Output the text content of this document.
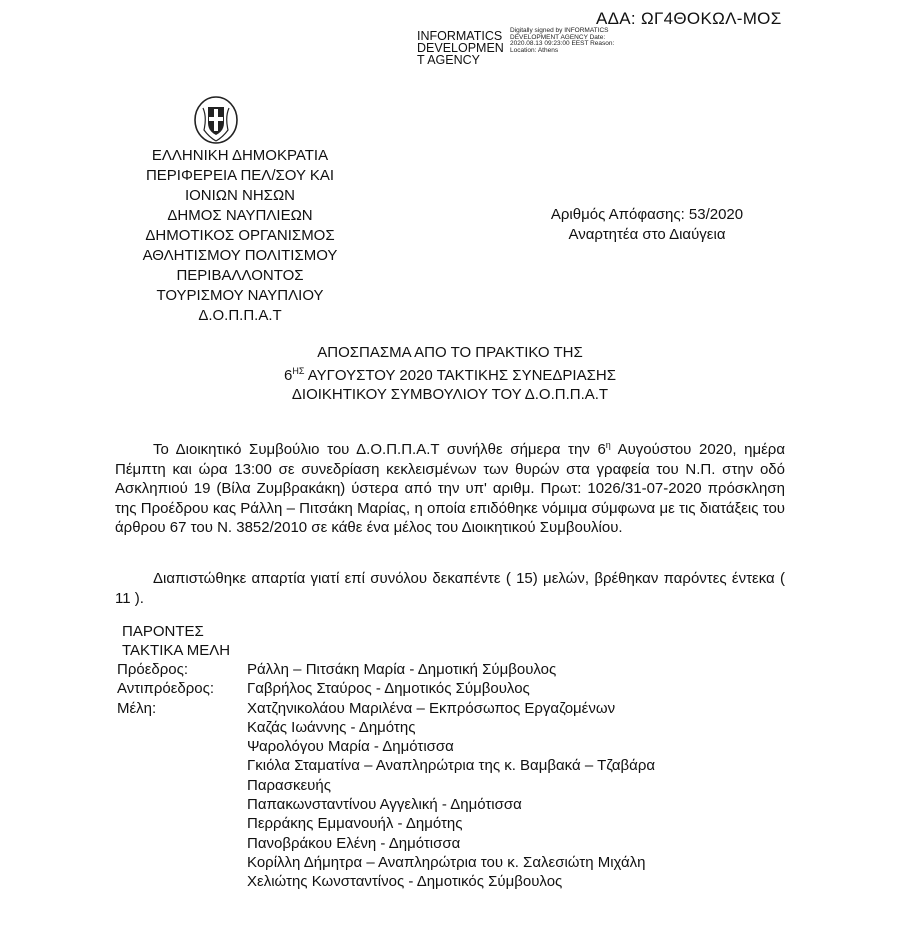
ΑΔΑ: ΩΓ4ΘΟΚΩΛ-ΜΟΣ
INFORMATICS DEVELOPMEN T AGENCY
Digitally signed by INFORMATICS DEVELOPMENT AGENCY Date: 2020.08.13 09:23:00 EEST Reason: Location: Athens
ΕΛΛΗΝΙΚΗ ΔΗΜΟΚΡΑΤΙΑ
ΠΕΡΙΦΕΡΕΙΑ ΠΕΛ/ΣΟΥ ΚΑΙ
ΙΟΝΙΩΝ ΝΗΣΩΝ
ΔΗΜΟΣ ΝΑΥΠΛΙΕΩΝ
ΔΗΜΟΤΙΚΟΣ ΟΡΓΑΝΙΣΜΟΣ
ΑΘΛΗΤΙΣΜΟΥ ΠΟΛΙΤΙΣΜΟΥ
ΠΕΡΙΒΑΛΛΟΝΤΟΣ
ΤΟΥΡΙΣΜΟΥ ΝΑΥΠΛΙΟΥ
Δ.Ο.Π.Π.Α.Τ
Αριθμός Απόφασης: 53/2020
Αναρτητέα στο Διαύγεια
ΑΠΟΣΠΑΣΜΑ ΑΠΟ ΤΟ ΠΡΑΚΤΙΚΟ ΤΗΣ
$6^{H\Sigma}$ ΑΥΓΟΥΣΤΟΥ 2020 ΤΑΚΤΙΚΗΣ ΣΥΝΕΔΡΙΑΣΗΣ
ΔΙΟΙΚΗΤΙΚΟΥ ΣΥΜΒΟΥΛΙΟΥ ΤΟΥ Δ.Ο.Π.Π.Α.Τ
Το Διοικητικό Συμβούλιο του Δ.Ο.Π.Π.Α.Τ συνήλθε σήμερα την $6^\eta$ Αυγούστου 2020, ημέρα Πέμπτη και ώρα 13:00 σε συνεδρίαση κεκλεισμένων των θυρών στα γραφεία του Ν.Π. στην οδό Ασκληπιού 19 (Βίλα Ζυμβρακάκη) ύστερα από την υπ' αριθμ. Πρωτ: 1026/31-07-2020 πρόσκληση της Προέδρου κας Ράλλη – Πιτσάκη Μαρίας, η οποία επιδόθηκε νόμιμα σύμφωνα με τις διατάξεις του άρθρου 67 του Ν. 3852/2010 σε κάθε ένα μέλος του Διοικητικού Συμβουλίου.
Διαπιστώθηκε απαρτία γιατί επί συνόλου δεκαπέντε ( 15) μελών, βρέθηκαν παρόντες έντεκα ( 11 ).
ΠΑΡΟΝΤΕΣ
ΤΑΚΤΙΚΑ ΜΕΛΗ
Πρόεδρος:	Ράλλη – Πιτσάκη Μαρία - Δημοτική Σύμβουλος
Αντιπρόεδρος:	Γαβρήλος Σταύρος - Δημοτικός Σύμβουλος
Μέλη:	Χατζηνικολάου Μαριλένα – Εκπρόσωπος Εργαζομένων
Καζάς Ιωάννης - Δημότης
Ψαρολόγου Μαρία - Δημότισσα
Γκιόλα Σταματίνα – Αναπληρώτρια της κ. Βαμβακά – Τζαβάρα
Παρασκευής
Παπακωνσταντίνου Αγγελική - Δημότισσα
Περράκης Εμμανουήλ - Δημότης
Πανοβράκου Ελένη - Δημότισσα
Κορίλλη Δήμητρα – Αναπληρώτρια του κ. Σαλεσιώτη Μιχάλη
Χελιώτης Κωνσταντίνος - Δημοτικός Σύμβουλος
